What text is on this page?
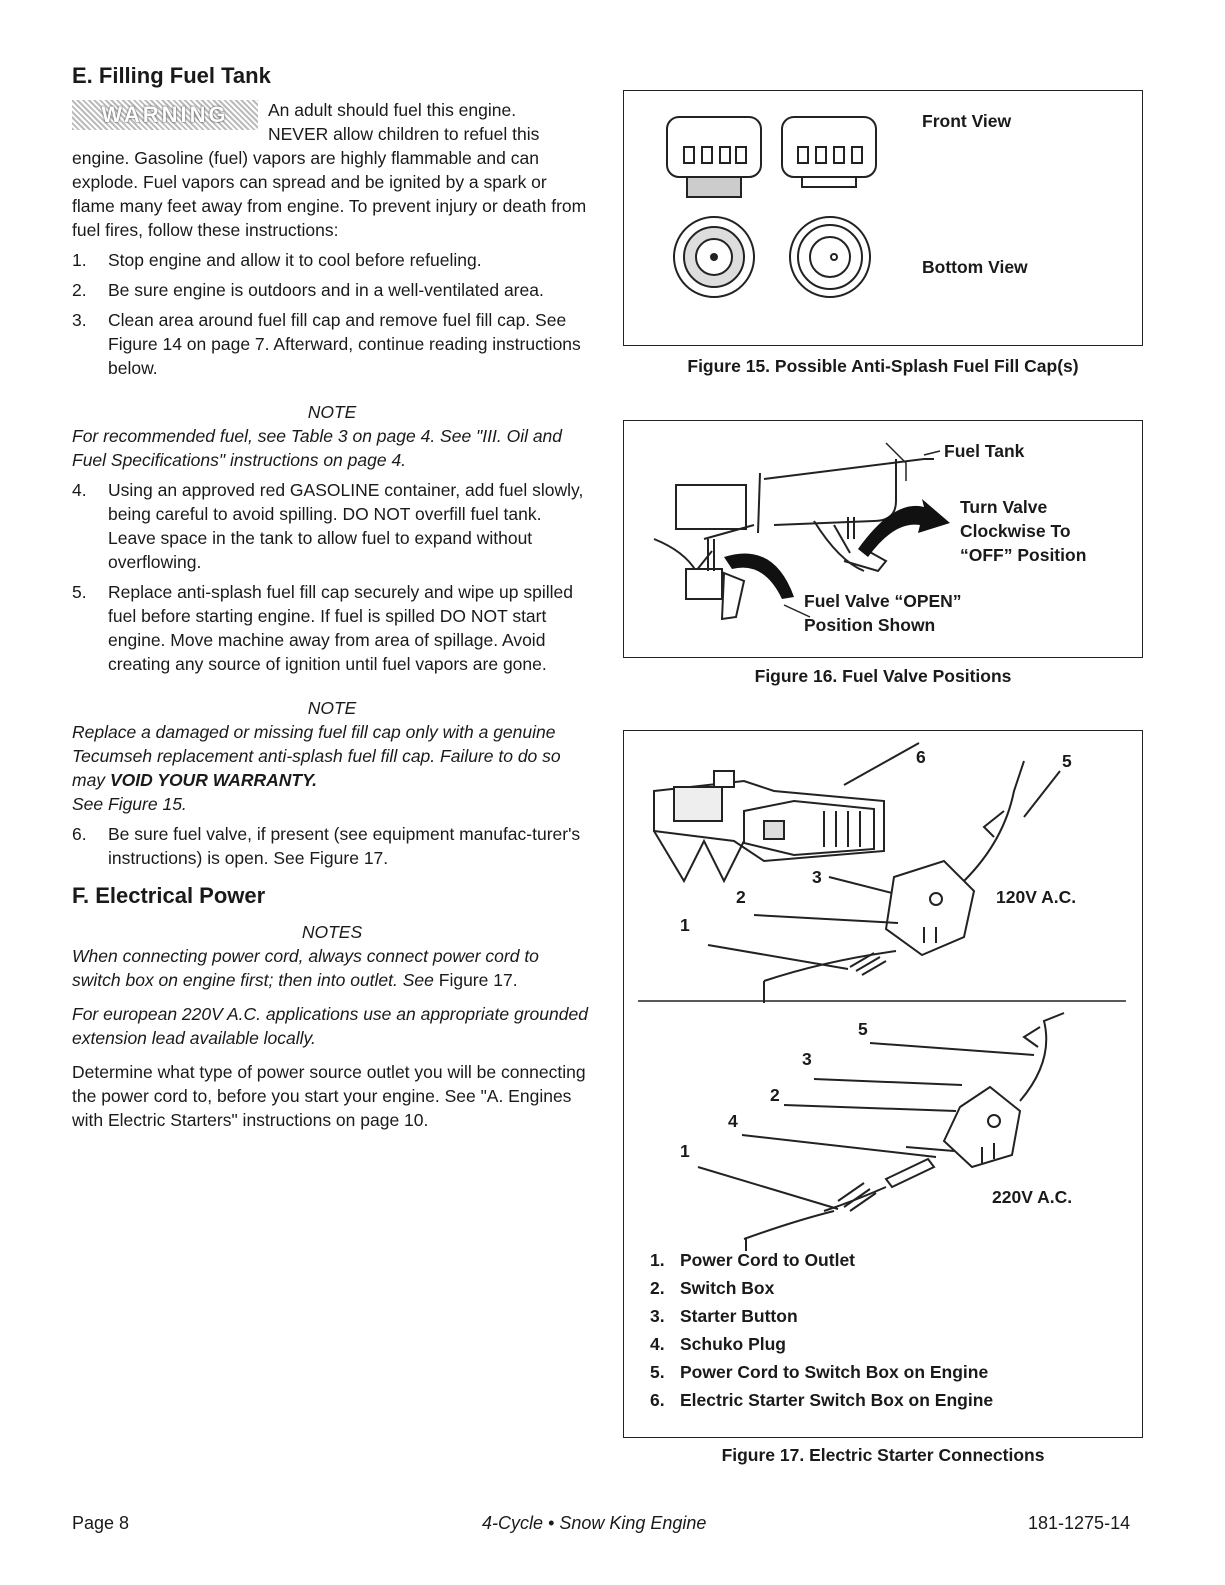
E. Filling Fuel Tank
WARNING	An adult should fuel this engine.
NEVER allow children to refuel this

engine. Gasoline (fuel) vapors are highly flammable and can explode. Fuel vapors can spread and be ignited by a spark or flame many feet away from engine. To prevent injury or death from fuel fires, follow these instructions:

1.	Stop engine and allow it to cool before refueling.
2.	Be sure engine is outdoors and in a well-ventilated area.
3.	Clean area around fuel fill cap and remove fuel fill cap. See Figure 14 on page 7. Afterward, continue reading instructions below.
NOTE

For recommended fuel, see Table 3 on page 4. See "III. Oil and Fuel Specifications" instructions on page 4.

4.	Using an approved red GASOLINE container, add fuel slowly, being careful to avoid spilling. DO NOT overfill fuel tank. Leave space in the tank to allow fuel to expand without overflowing.
5.	Replace anti-splash fuel fill cap securely and wipe up spilled fuel before starting engine. If fuel is spilled DO NOT start engine. Move machine away from area of spillage. Avoid creating any source of ignition until fuel vapors are gone.
NOTE

Replace a damaged or missing fuel fill cap only with a genuine Tecumseh replacement anti-splash fuel fill cap. Failure to do so may VOID YOUR WARRANTY.
See Figure 15.

6.	Be sure fuel valve, if present (see equipment manufac-turer's instructions) is open. See Figure 17.
F. Electrical Power
NOTES

When connecting power cord, always connect power cord to switch box on engine first; then into outlet. See Figure 17.

For european 220V A.C. applications use an appropriate grounded extension lead available locally.

Determine what type of power source outlet you will be connecting the power cord to, before you start your engine. See "A. Engines with Electric Starters" instructions on page 10.

Front View
Bottom View
Figure 15. Possible Anti-Splash Fuel Fill Cap(s)
Fuel Tank
Turn Valve
Clockwise To
“OFF” Position
Fuel Valve “OPEN”
Position Shown
Figure 16. Fuel Valve Positions
6	5
3
2
1
120V A.C.
5
3
2
4
1
220V A.C.
1. Power Cord to Outlet
2. Switch Box
3. Starter Button
4. Schuko Plug
5. Power Cord to Switch Box on Engine
6. Electric Starter Switch Box on Engine
Figure 17. Electric Starter Connections
Page 8	4-Cycle • Snow King Engine	181-1275-14
